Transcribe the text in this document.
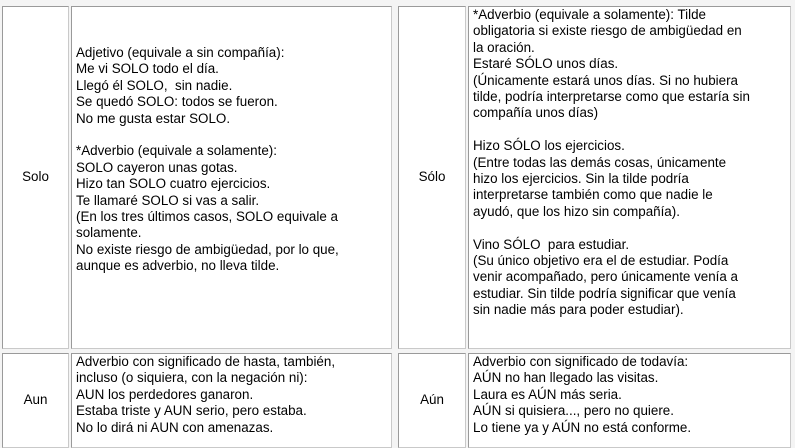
Solo

Adjetivo (equivale a sin compañía):

Me vi SOLO todo el día.

Llegó él SOLO,  sin nadie.

Se quedó SOLO: todos se fueron.

No me gusta estar SOLO.

*Adverbio (equivale a solamente):

SOLO cayeron unas gotas.

Hizo tan SOLO cuatro ejercicios.

Te llamaré SOLO si vas a salir.

(En los tres últimos casos, SOLO equivale a

solamente.

No existe riesgo de ambigüedad, por lo que,

aunque es adverbio, no lleva tilde.

Sólo

*Adverbio (equivale a solamente): Tilde

obligatoria si existe riesgo de ambigüedad en

la oración.

Estaré SÓLO unos días.

(Únicamente estará unos días. Si no hubiera

tilde, podría interpretarse como que estaría sin

compañía unos días)

Hizo SÓLO los ejercicios.

(Entre todas las demás cosas, únicamente

hizo los ejercicios. Sin la tilde podría

interpretarse también como que nadie le

ayudó, que los hizo sin compañía).

Vino SÓLO  para estudiar.

(Su único objetivo era el de estudiar. Podía

venir acompañado, pero únicamente venía a

estudiar. Sin tilde podría significar que venía

sin nadie más para poder estudiar).

Aun

Adverbio con significado de hasta, también,

incluso (o siquiera, con la negación ni):

AUN los perdedores ganaron.

Estaba triste y AUN serio, pero estaba.

No lo dirá ni AUN con amenazas.

Aún

Adverbio con significado de todavía:

AÚN no han llegado las visitas.

Laura es AÚN más seria.

AÚN si quisiera..., pero no quiere.

Lo tiene ya y AÚN no está conforme.
